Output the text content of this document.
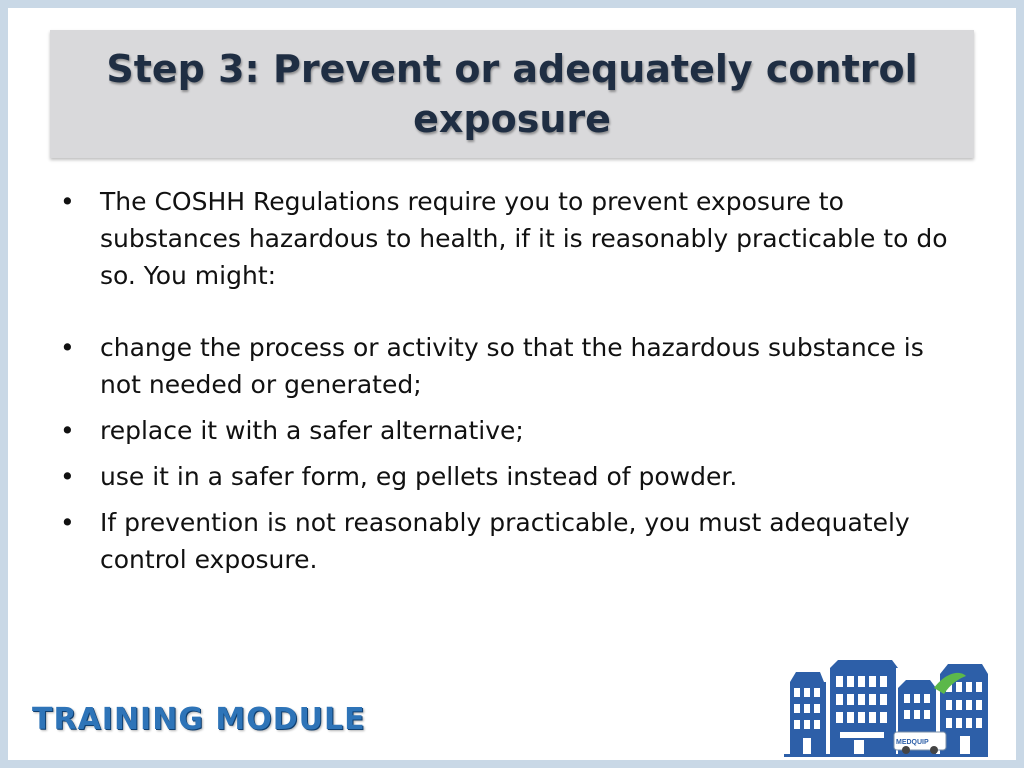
Step 3: Prevent or adequately control exposure
• The COSHH Regulations require you to prevent exposure to substances hazardous to health, if it is reasonably practicable to do so. You might:
• change the process or activity so that the hazardous substance is not needed or generated;
• replace it with a safer alternative;
• use it in a safer form, eg pellets instead of powder.
• If prevention is not reasonably practicable, you must adequately control exposure.
TRAINING MODULE
MEDQUIP
